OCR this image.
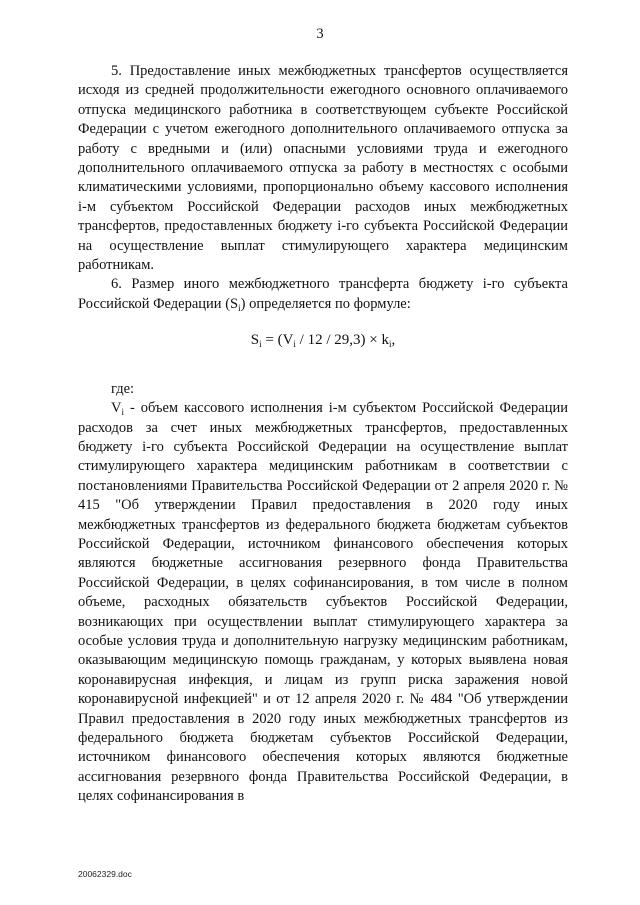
3

5. Предоставление иных межбюджетных трансфертов осуществляется исходя из средней продолжительности ежегодного основного оплачиваемого отпуска медицинского работника в соответствующем субъекте Российской Федерации с учетом ежегодного дополнительного оплачиваемого отпуска за работу с вредными и (или) опасными условиями труда и ежегодного дополнительного оплачиваемого отпуска за работу в местностях с особыми климатическими условиями, пропорционально объему кассового исполнения i-м субъектом Российской Федерации расходов иных межбюджетных трансфертов, предоставленных бюджету i-го субъекта Российской Федерации на осуществление выплат стимулирующего характера медицинским работникам.

6. Размер иного межбюджетного трансферта бюджету i-го субъекта Российской Федерации $(S_i)$ определяется по формуле:

$S_i = (V_i / 12 / 29,3) \times k_i$,

где:

$V_i$ - объем кассового исполнения i-м субъектом Российской Федерации расходов за счет иных межбюджетных трансфертов, предоставленных бюджету i-го субъекта Российской Федерации на осуществление выплат стимулирующего характера медицинским работникам в соответствии с постановлениями Правительства Российской Федерации от 2 апреля 2020 г. № 415 "Об утверждении Правил предоставления в 2020 году иных межбюджетных трансфертов из федерального бюджета бюджетам субъектов Российской Федерации, источником финансового обеспечения которых являются бюджетные ассигнования резервного фонда Правительства Российской Федерации, в целях софинансирования, в том числе в полном объеме, расходных обязательств субъектов Российской Федерации, возникающих при осуществлении выплат стимулирующего характера за особые условия труда и дополнительную нагрузку медицинским работникам, оказывающим медицинскую помощь гражданам, у которых выявлена новая коронавирусная инфекция, и лицам из групп риска заражения новой коронавирусной инфекцией" и от 12 апреля 2020 г. № 484 "Об утверждении Правил предоставления в 2020 году иных межбюджетных трансфертов из федерального бюджета бюджетам субъектов Российской Федерации, источником финансового обеспечения которых являются бюджетные ассигнования резервного фонда Правительства Российской Федерации, в целях софинансирования в

20062329.doc
